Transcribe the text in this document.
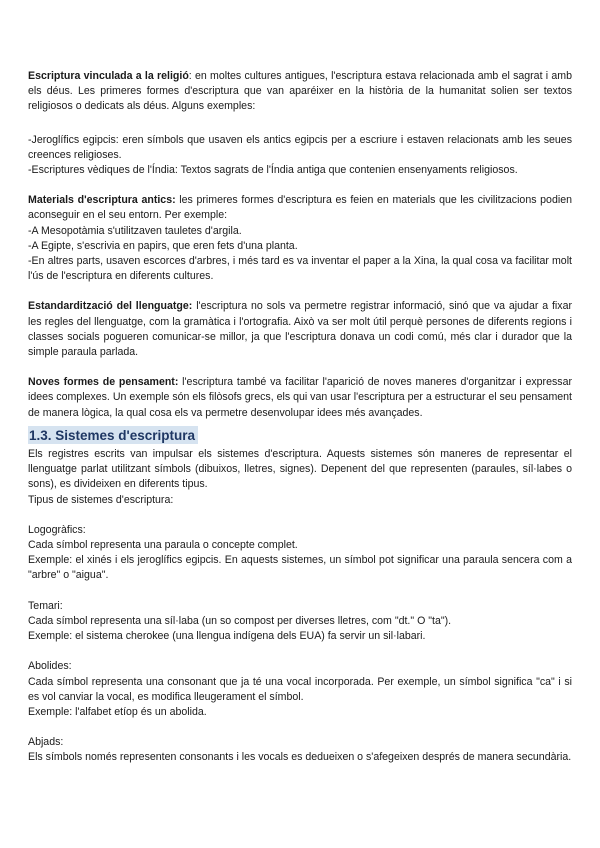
Escriptura vinculada a la religió: en moltes cultures antigues, l'escriptura estava relacionada amb el sagrat i amb els déus. Les primeres formes d'escriptura que van aparéixer en la història de la humanitat solien ser textos religiosos o dedicats als déus. Alguns exemples:

-Jeroglífics egipcis: eren símbols que usaven els antics egipcis per a escriure i estaven relacionats amb les seues creences religioses.

-Escriptures vèdiques de l'Índia: Textos sagrats de l'Índia antiga que contenien ensenyaments religiosos.

Materials d'escriptura antics: les primeres formes d'escriptura es feien en materials que les civilitzacions podien aconseguir en el seu entorn. Per exemple:

-A Mesopotàmia s'utilitzaven tauletes d'argila.

-A Egipte, s'escrivia en papirs, que eren fets d'una planta.

-En altres parts, usaven escorces d'arbres, i més tard es va inventar el paper a la Xina, la qual cosa va facilitar molt l'ús de l'escriptura en diferents cultures.

Estandardització del llenguatge: l'escriptura no sols va permetre registrar informació, sinó que va ajudar a fixar les regles del llenguatge, com la gramàtica i l'ortografia. Això va ser molt útil perquè persones de diferents regions i classes socials pogueren comunicar-se millor, ja que l'escriptura donava un codi comú, més clar i durador que la simple paraula parlada.

Noves formes de pensament: l'escriptura també va facilitar l'aparició de noves maneres d'organitzar i expressar idees complexes. Un exemple són els filòsofs grecs, els qui van usar l'escriptura per a estructurar el seu pensament de manera lògica, la qual cosa els va permetre desenvolupar idees més avançades.

1.3. Sistemes d'escriptura

Els registres escrits van impulsar els sistemes d'escriptura. Aquests sistemes són maneres de representar el llenguatge parlat utilitzant símbols (dibuixos, lletres, signes). Depenent del que representen (paraules, síl·labes o sons), es divideixen en diferents tipus.

Tipus de sistemes d'escriptura:

Logogràfics:

Cada símbol representa una paraula o concepte complet.

Exemple: el xinés i els jeroglífics egipcis. En aquests sistemes, un símbol pot significar una paraula sencera com a "arbre" o "aigua".

Temari:

Cada símbol representa una síl·laba (un so compost per diverses lletres, com "dt." O "ta").

Exemple: el sistema cherokee (una llengua indígena dels EUA) fa servir un sil·labari.

Abolides:

Cada símbol representa una consonant que ja té una vocal incorporada. Per exemple, un símbol significa "ca" i si es vol canviar la vocal, es modifica lleugerament el símbol.

Exemple: l'alfabet etíop és un abolida.

Abjads:

Els símbols només representen consonants i les vocals es dedueixen o s'afegeixen després de manera secundària.
